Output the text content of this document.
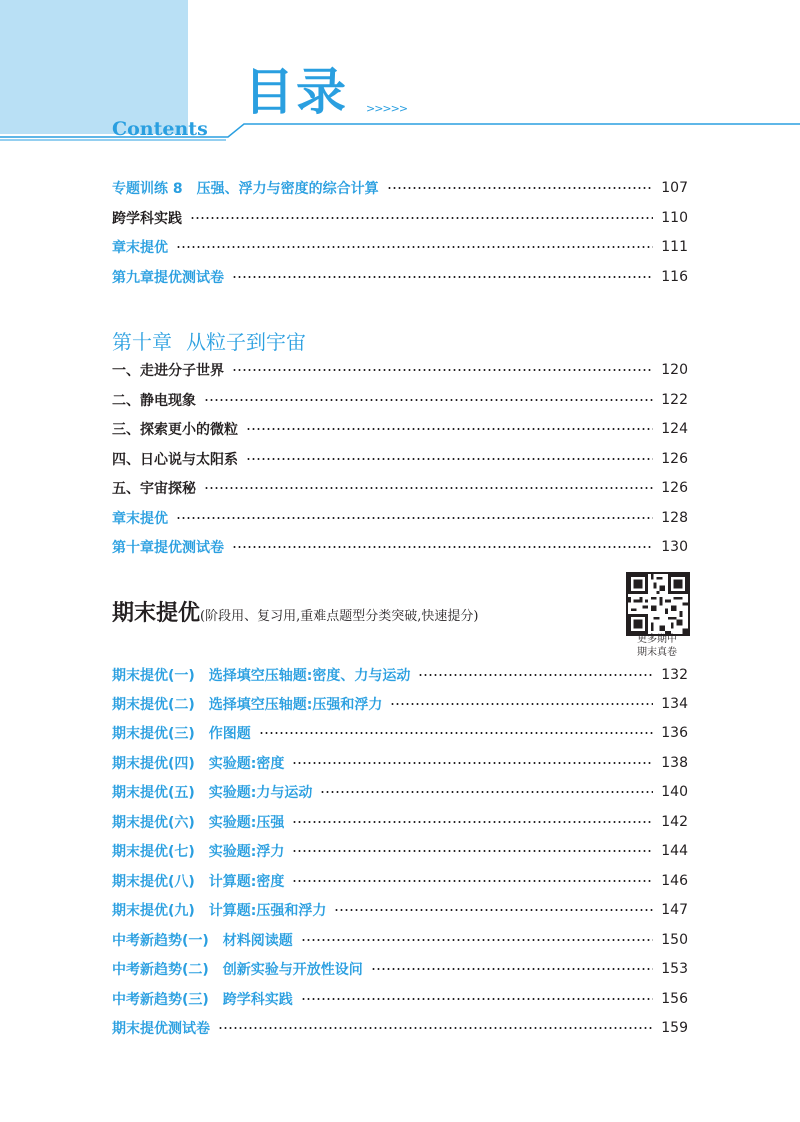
目录 >>>>>
Contents
专题训练 8 压强、浮力与密度的综合计算	107
跨学科实践	110
章末提优	111
第九章提优测试卷	116
第十章 从粒子到宇宙
一、走进分子世界	120
二、静电现象	122
三、探索更小的微粒	124
四、日心说与太阳系	126
五、宇宙探秘	126
章末提优	128
第十章提优测试卷	130
期末提优(阶段用、复习用,重难点题型分类突破,快速提分)
更多期中
期末真卷
期末提优(一) 选择填空压轴题:密度、力与运动	132
期末提优(二) 选择填空压轴题:压强和浮力	134
期末提优(三) 作图题	136
期末提优(四) 实验题:密度	138
期末提优(五) 实验题:力与运动	140
期末提优(六) 实验题:压强	142
期末提优(七) 实验题:浮力	144
期末提优(八) 计算题:密度	146
期末提优(九) 计算题:压强和浮力	147
中考新趋势(一) 材料阅读题	150
中考新趋势(二) 创新实验与开放性设问	153
中考新趋势(三) 跨学科实践	156
期末提优测试卷	159
